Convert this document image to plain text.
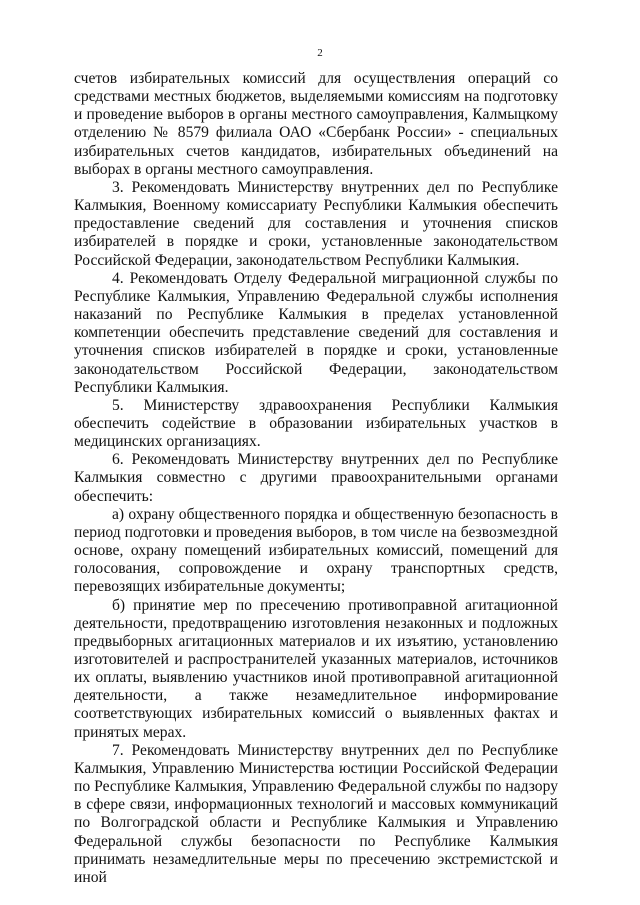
2

счетов избирательных комиссий для осуществления операций со средствами местных бюджетов, выделяемыми комиссиям на подготовку и проведение выборов в органы местного самоуправления, Калмыцкому отделению № 8579 филиала ОАО «Сбербанк России» - специальных избирательных счетов кандидатов, избирательных объединений на выборах в органы местного самоуправления.

3. Рекомендовать Министерству внутренних дел по Республике Калмыкия, Военному комиссариату Республики Калмыкия обеспечить предоставление сведений для составления и уточнения списков избирателей в порядке и сроки, установленные законодательством Российской Федерации, законодательством Республики Калмыкия.

4. Рекомендовать Отделу Федеральной миграционной службы по Республике Калмыкия, Управлению Федеральной службы исполнения наказаний по Республике Калмыкия в пределах установленной компетенции обеспечить представление сведений для составления и уточнения списков избирателей в порядке и сроки, установленные законодательством Российской Федерации, законодательством Республики Калмыкия.

5. Министерству здравоохранения Республики Калмыкия обеспечить содействие в образовании избирательных участков в медицинских организациях.

6. Рекомендовать Министерству внутренних дел по Республике Калмыкия совместно с другими правоохранительными органами обеспечить:

а) охрану общественного порядка и общественную безопасность в период подготовки и проведения выборов, в том числе на безвозмездной основе, охрану помещений избирательных комиссий, помещений для голосования, сопровождение и охрану транспортных средств, перевозящих избирательные документы;

б) принятие мер по пресечению противоправной агитационной деятельности, предотвращению изготовления незаконных и подложных предвыборных агитационных материалов и их изъятию, установлению изготовителей и распространителей указанных материалов, источников их оплаты, выявлению участников иной противоправной агитационной деятельности, а также незамедлительное информирование соответствующих избирательных комиссий о выявленных фактах и принятых мерах.

7. Рекомендовать Министерству внутренних дел по Республике Калмыкия, Управлению Министерства юстиции Российской Федерации по Республике Калмыкия, Управлению Федеральной службы по надзору в сфере связи, информационных технологий и массовых коммуникаций по Волгоградской области и Республике Калмыкия и Управлению Федеральной службы безопасности по Республике Калмыкия принимать незамедлительные меры по пресечению экстремистской и иной
